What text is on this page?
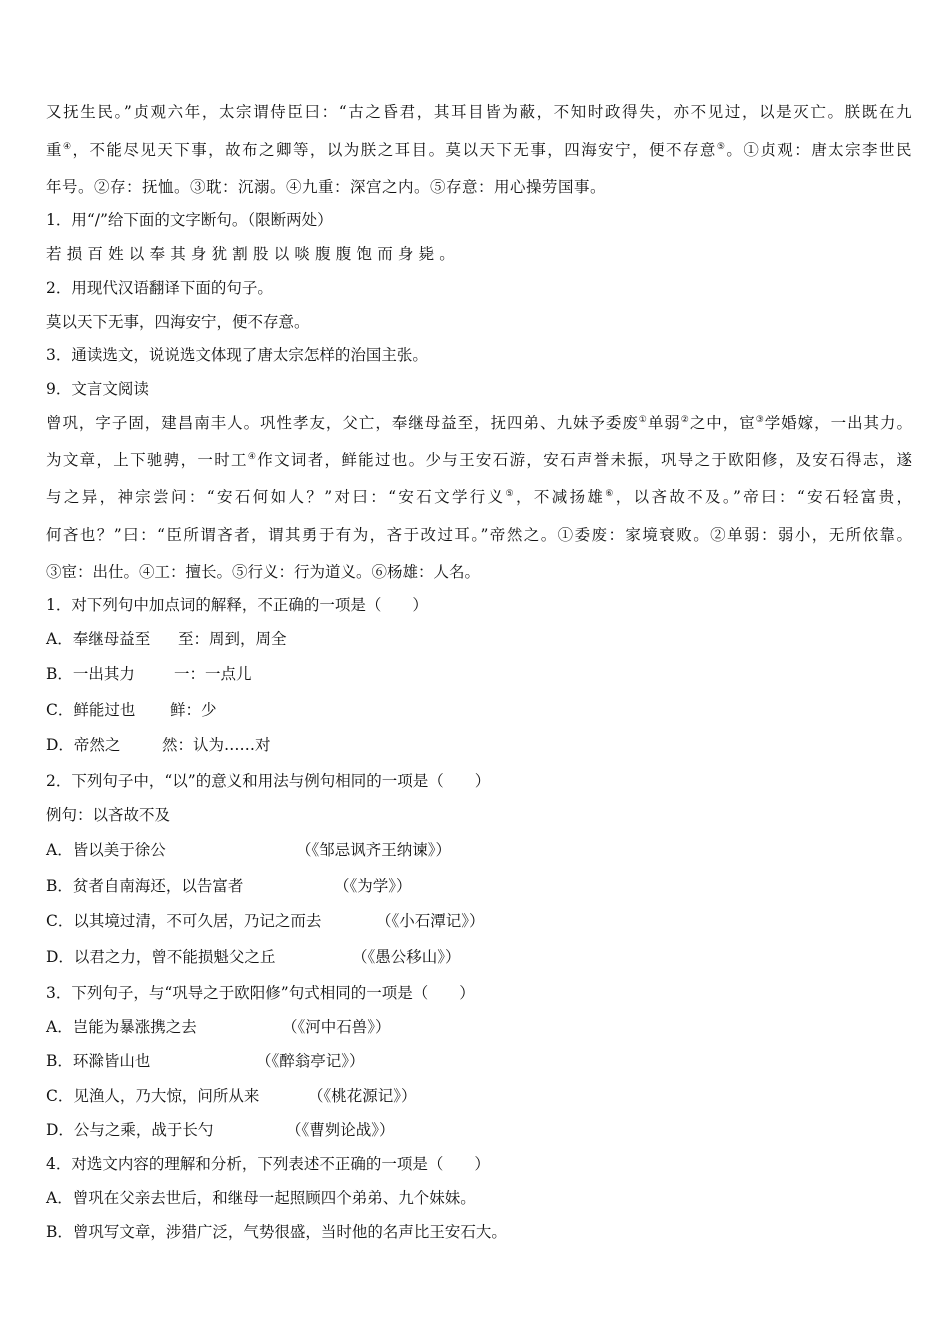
又抚生民。”贞观六年，太宗谓侍臣曰：“古之昏君，其耳目皆为蔽，不知时政得失，亦不见过，以是灭亡。朕既在九
重④，不能尽见天下事，故布之卿等，以为朕之耳目。莫以天下无事，四海安宁，便不存意⑤。①贞观：唐太宗李世民
年号。②存：抚恤。③耽：沉溺。④九重：深宫之内。⑤存意：用心操劳国事。
1．用“/”给下面的文字断句。（限断两处）
若损百姓以奉其身犹割股以啖腹腹饱而身毙。
2．用现代汉语翻译下面的句子。
莫以天下无事，四海安宁，便不存意。
3．通读选文，说说选文体现了唐太宗怎样的治国主张。
9．文言文阅读
曾巩，字子固，建昌南丰人。巩性孝友，父亡，奉继母益至，抚四弟、九妹予委废①单弱②之中，宦③学婚嫁，一出其力。
为文章，上下驰骋，一时工④作文词者，鲜能过也。少与王安石游，安石声誉未振，巩导之于欧阳修，及安石得志，遂
与之异，神宗尝问：“安石何如人？”对曰：“安石文学行义⑤，不减扬雄⑥，以吝故不及。”帝曰：“安石轻富贵，
何吝也？”曰：“臣所谓吝者，谓其勇于有为，吝于改过耳。”帝然之。①委废：家境衰败。②单弱：弱小，无所依靠。
③宦：出仕。④工：擅长。⑤行义：行为道义。⑥杨雄：人名。
1．对下列句中加点词的解释，不正确的一项是（　　）
A．奉继母益至 至：周到，周全
B．一出其力	一：一点儿
C．鲜能过也 鲜：少
D．帝然之	然：认为……对
2．下列句子中，“以”的意义和用法与例句相同的一项是（　　）
例句：以吝故不及
A．皆以美于徐公	（《邹忌讽齐王纳谏》）
B．贫者自南海还，以告富者	（《为学》）
C．以其境过清，不可久居，乃记之而去	（《小石潭记》）
D．以君之力，曾不能损魁父之丘	（《愚公移山》）
3．下列句子，与“巩导之于欧阳修”句式相同的一项是（　　）
A．岂能为暴涨携之去	（《河中石兽》）
B．环滁皆山也	（《醉翁亭记》）
C．见渔人，乃大惊，问所从来	（《桃花源记》）
D．公与之乘，战于长勺	（《曹刿论战》）
4．对选文内容的理解和分析，下列表述不正确的一项是（　　）
A．曾巩在父亲去世后，和继母一起照顾四个弟弟、九个妹妹。
B．曾巩写文章，涉猎广泛，气势很盛，当时他的名声比王安石大。
